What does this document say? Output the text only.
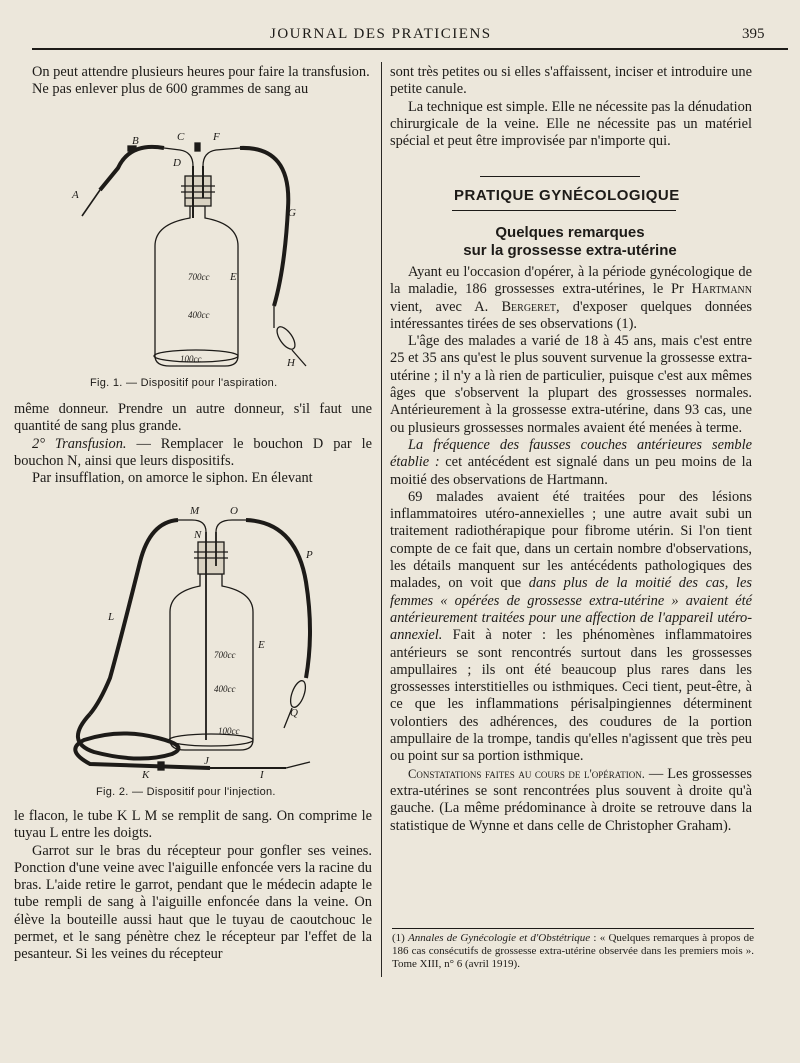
JOURNAL DES PRATICIENS	395

On peut attendre plusieurs heures pour faire la transfusion.

Ne pas enlever plus de 600 grammes de sang au

B	C	F
D
A
G
E
700cc
400cc
100cc	H
Fig. 1. — Dispositif pour l'aspiration.

même donneur. Prendre un autre donneur, s'il faut une quantité de sang plus grande.

2° Transfusion. — Remplacer le bouchon D par le bouchon N, ainsi que leurs dispositifs.

Par insufflation, on amorce le siphon. En élevant

M	O
N
P
L
E
700cc
400cc
100cc
Q
K
J
I
Fig. 2. — Dispositif pour l'injection.

le flacon, le tube K L M se remplit de sang. On comprime le tuyau L entre les doigts.

Garrot sur le bras du récepteur pour gonfler ses veines. Ponction d'une veine avec l'aiguille enfoncée vers la racine du bras. L'aide retire le garrot, pendant que le médecin adapte le tube rempli de sang à l'aiguille enfoncée dans la veine. On élève la bouteille aussi haut que le tuyau de caoutchouc le permet, et le sang pénètre chez le récepteur par l'effet de la pesanteur. Si les veines du récepteur

sont très petites ou si elles s'affaissent, inciser et introduire une petite canule.

La technique est simple. Elle ne nécessite pas la dénudation chirurgicale de la veine. Elle ne nécessite pas un matériel spécial et peut être improvisée par n'importe qui.

PRATIQUE GYNÉCOLOGIQUE
Quelques remarques
sur la grossesse extra-utérine

Ayant eu l'occasion d'opérer, à la période gynécologique de la maladie, 186 grossesses extra-utérines, le Pr Hartmann vient, avec A. Bergeret, d'exposer quelques données intéressantes tirées de ses observations (1).

L'âge des malades a varié de 18 à 45 ans, mais c'est entre 25 et 35 ans qu'est le plus souvent survenue la grossesse extra-utérine ; il n'y a là rien de particulier, puisque c'est aux mêmes âges que s'observent la plupart des grossesses normales. Antérieurement à la grossesse extra-utérine, dans 93 cas, une ou plusieurs grossesses normales avaient été menées à terme.

La fréquence des fausses couches antérieures semble établie : cet antécédent est signalé dans un peu moins de la moitié des observations de Hartmann.

69 malades avaient été traitées pour des lésions inflammatoires utéro-annexielles ; une autre avait subi un traitement radiothérapique pour fibrome utérin. Si l'on tient compte de ce fait que, dans un certain nombre d'observations, les détails manquent sur les antécédents pathologiques des malades, on voit que dans plus de la moitié des cas, les femmes « opérées de grossesse extra-utérine » avaient été antérieurement traitées pour une affection de l'appareil utéro-annexiel. Fait à noter : les phénomènes inflammatoires antérieurs se sont rencontrés surtout dans les grossesses ampullaires ; ils ont été beaucoup plus rares dans les grossesses interstitielles ou isthmiques. Ceci tient, peut-être, à ce que les inflammations périsalpingiennes déterminent volontiers des adhérences, des coudures de la portion ampullaire de la trompe, tandis qu'elles n'agissent que très peu ou point sur sa portion isthmique.

Constatations faites au cours de l'opération. — Les grossesses extra-utérines se sont rencontrées plus souvent à droite qu'à gauche. (La même prédominance à droite se retrouve dans la statistique de Wynne et dans celle de Christopher Graham).

(1) Annales de Gynécologie et d'Obstétrique : « Quelques remarques à propos de 186 cas consécutifs de grossesse extra-utérine observée dans les premiers mois ». Tome XIII, n° 6 (avril 1919).
